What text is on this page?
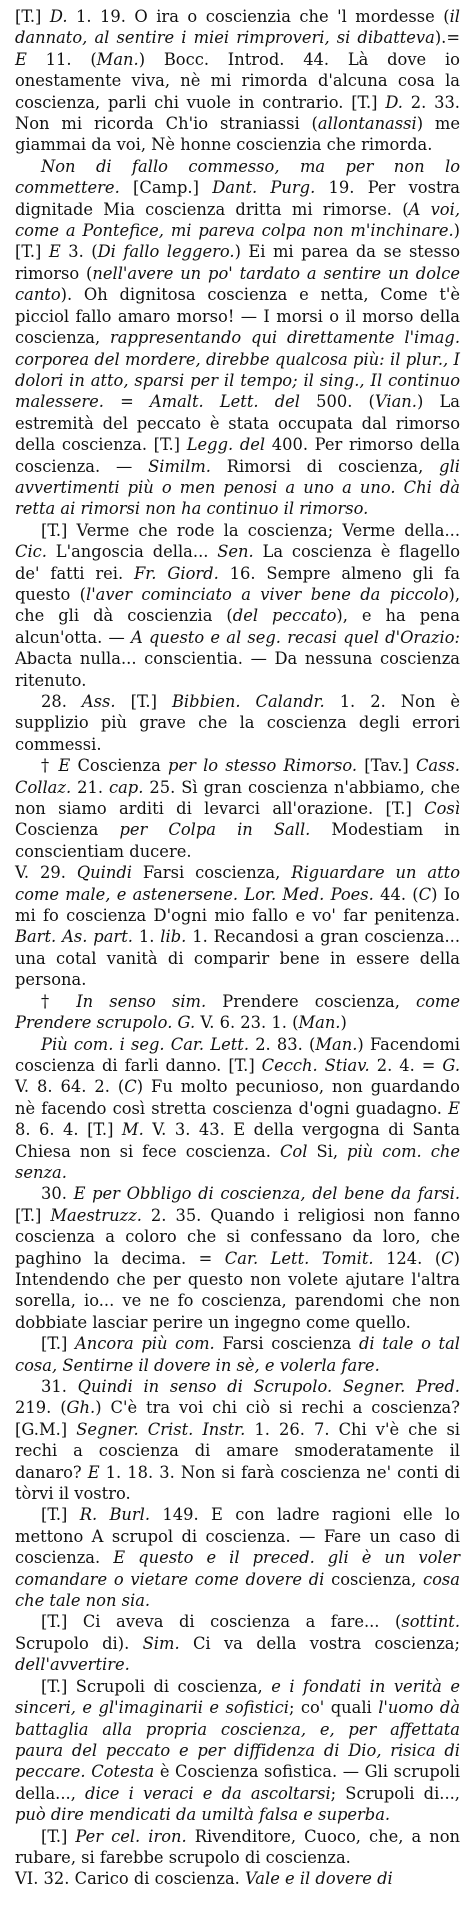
[T.] D. 1. 19. O ira o coscienzia che 'l mordesse (il dannato, al sentire i miei rimproveri, si dibatteva).= E 11. (Man.) Bocc. Introd. 44. Là dove io onestamente viva, nè mi rimorda d'alcuna cosa la coscienza, parli chi vuole in contrario. [T.] D. 2. 33. Non mi ricorda Ch'io straniassi (allontanassi) me giammai da voi, Nè honne coscienzia che rimorda.

Non di fallo commesso, ma per non lo commettere. [Camp.] Dant. Purg. 19. Per vostra dignitade Mia coscienza dritta mi rimorse. (A voi, come a Pontefice, mi pareva colpa non m'inchinare.) [T.] E 3. (Di fallo leggero.) Ei mi parea da se stesso rimorso (nell'avere un po' tardato a sentire un dolce canto). Oh dignitosa coscienza e netta, Come t'è picciol fallo amaro morso! — I morsi o il morso della coscienza, rappresentando qui direttamente l'imag. corporea del mordere, direbbe qualcosa più: il plur., I dolori in atto, sparsi per il tempo; il sing., Il continuo malessere. = Amalt. Lett. del 500. (Vian.) La estremità del peccato è stata occupata dal rimorso della coscienza. [T.] Legg. del 400. Per rimorso della coscienza. — Similm. Rimorsi di coscienza, gli avvertimenti più o men penosi a uno a uno. Chi dà retta ai rimorsi non ha continuo il rimorso.

[T.] Verme che rode la coscienza; Verme della... Cic. L'angoscia della... Sen. La coscienza è flagello de' fatti rei. Fr. Giord. 16. Sempre almeno gli fa questo (l'aver cominciato a viver bene da piccolo), che gli dà coscienzia (del peccato), e ha pena alcun'otta. — A questo e al seg. recasi quel d'Orazio: Abacta nulla... conscientia. — Da nessuna coscienza ritenuto.

28. Ass. [T.] Bibbien. Calandr. 1. 2. Non è supplizio più grave che la coscienza degli errori commessi.

† E Coscienza per lo stesso Rimorso. [Tav.] Cass. Collaz. 21. cap. 25. Sì gran coscienza n'abbiamo, che non siamo arditi di levarci all'orazione. [T.] Così Coscienza per Colpa in Sall. Modestiam in conscientiam ducere.

V. 29. Quindi Farsi coscienza, Riguardare un atto come male, e astenersene. Lor. Med. Poes. 44. (C) Io mi fo coscienza D'ogni mio fallo e vo' far penitenza. Bart. As. part. 1. lib. 1. Recandosi a gran coscienza... una cotal vanità di comparir bene in essere della persona.

† In senso sim. Prendere coscienza, come Prendere scrupolo. G. V. 6. 23. 1. (Man.)

Più com. i seg. Car. Lett. 2. 83. (Man.) Facendomi coscienza di farli danno. [T.] Cecch. Stiav. 2. 4. = G. V. 8. 64. 2. (C) Fu molto pecunioso, non guardando nè facendo così stretta coscienza d'ogni guadagno. E 8. 6. 4. [T.] M. V. 3. 43. E della vergogna di Santa Chiesa non si fece coscienza. Col Si, più com. che senza.

30. E per Obbligo di coscienza, del bene da farsi. [T.] Maestruzz. 2. 35. Quando i religiosi non fanno coscienza a coloro che si confessano da loro, che paghino la decima. = Car. Lett. Tomit. 124. (C) Intendendo che per questo non volete ajutare l'altra sorella, io... ve ne fo coscienza, parendomi che non dobbiate lasciar perire un ingegno come quello.

[T.] Ancora più com. Farsi coscienza di tale o tal cosa, Sentirne il dovere in sè, e volerla fare.

31. Quindi in senso di Scrupolo. Segner. Pred. 219. (Gh.) C'è tra voi chi ciò si rechi a coscienza? [G.M.] Segner. Crist. Instr. 1. 26. 7. Chi v'è che si rechi a coscienza di amare smoderatamente il danaro? E 1. 18. 3. Non si farà coscienza ne' conti di tòrvi il vostro.

[T.] R. Burl. 149. E con ladre ragioni elle lo mettono A scrupol di coscienza. — Fare un caso di coscienza. E questo e il preced. gli è un voler comandare o vietare come dovere di coscienza, cosa che tale non sia.

[T.] Ci aveva di coscienza a fare... (sottint. Scrupolo di). Sim. Ci va della vostra coscienza; dell'avvertire.

[T.] Scrupoli di coscienza, e i fondati in verità e sinceri, e gl'imaginarii e sofistici; co' quali l'uomo dà battaglia alla propria coscienza, e, per affettata paura del peccato e per diffidenza di Dio, risica di peccare. Cotesta è Coscienza sofistica. — Gli scrupoli della..., dice i veraci e da ascoltarsi; Scrupoli di..., può dire mendicati da umiltà falsa e superba.

[T.] Per cel. iron. Rivenditore, Cuoco, che, a non rubare, si farebbe scrupolo di coscienza.

VI. 32. Carico di coscienza. Vale e il dovere di
